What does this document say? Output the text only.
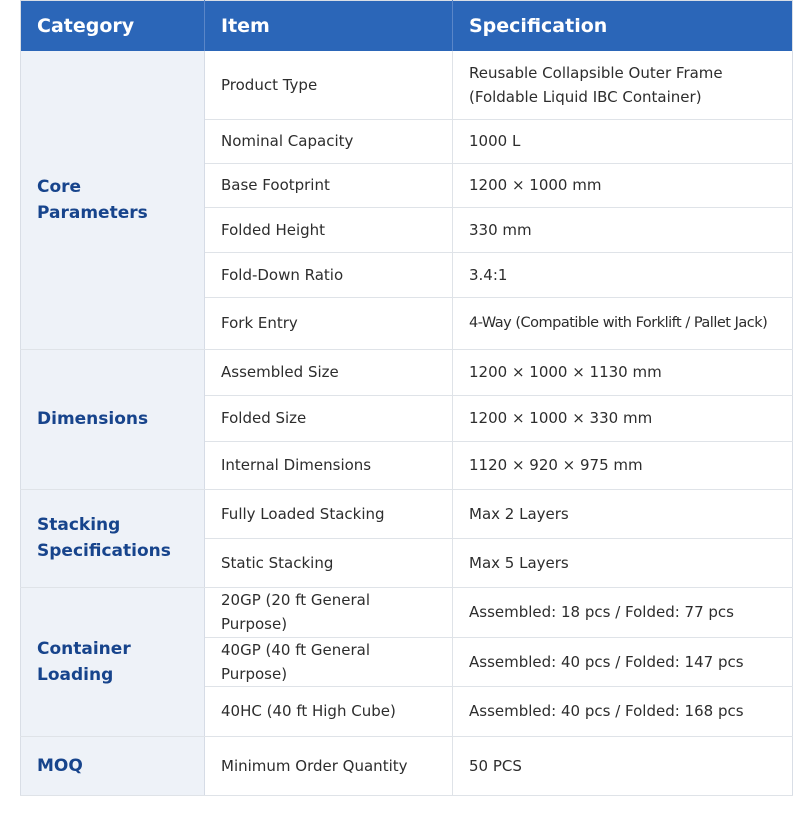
Category	Item	Specification
Core Parameters	Product Type	Reusable Collapsible Outer Frame
(Foldable Liquid IBC Container)

	Nominal Capacity	1000 L
	Base Footprint	1200 × 1000 mm
	Folded Height	330 mm
	Fold-Down Ratio	3.4:1
	Fork Entry	4-Way (Compatible with Forklift / Pallet Jack)
Dimensions	Assembled Size	1200 × 1000 × 1130 mm
	Folded Size	1200 × 1000 × 330 mm
	Internal Dimensions	1120 × 920 × 975 mm

Stacking
Specifications	Fully Loaded Stacking	Max 2 Layers
	Static Stacking	Max 5 Layers
Container Loading	20GP (20 ft General Purpose)	Assembled: 18 pcs / Folded: 77 pcs
	40GP (40 ft General Purpose)	Assembled: 40 pcs / Folded: 147 pcs
	40HC (40 ft High Cube)	Assembled: 40 pcs / Folded: 168 pcs
MOQ	Minimum Order Quantity	50 PCS
